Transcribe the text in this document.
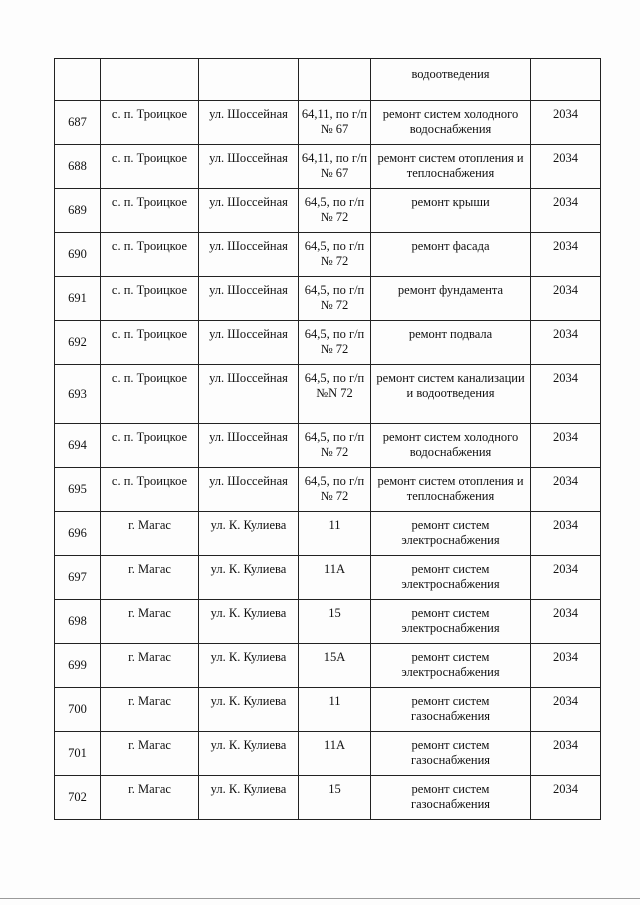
				водоотведения	
687	с. п. Троицкое	ул. Шоссейная	64,11, по г/п № 67	ремонт систем холодного водоснабжения	2034
688	с. п. Троицкое	ул. Шоссейная	64,11, по г/п № 67	ремонт систем отопления и теплоснабжения	2034
689	с. п. Троицкое	ул. Шоссейная	64,5, по г/п № 72	ремонт крыши	2034
690	с. п. Троицкое	ул. Шоссейная	64,5, по г/п № 72	ремонт фасада	2034
691	с. п. Троицкое	ул. Шоссейная	64,5, по г/п № 72	ремонт фундамента	2034
692	с. п. Троицкое	ул. Шоссейная	64,5, по г/п № 72	ремонт подвала	2034
693	с. п. Троицкое	ул. Шоссейная	64,5, по г/п №N 72	ремонт систем канализации и водоотведения	2034
694	с. п. Троицкое	ул. Шоссейная	64,5, по г/п № 72	ремонт систем холодного водоснабжения	2034
695	с. п. Троицкое	ул. Шоссейная	64,5, по г/п № 72	ремонт систем отопления и теплоснабжения	2034
696	г. Магас	ул. К. Кулиева	11	ремонт систем электроснабжения	2034
697	г. Магас	ул. К. Кулиева	11А	ремонт систем электроснабжения	2034
698	г. Магас	ул. К. Кулиева	15	ремонт систем электроснабжения	2034
699	г. Магас	ул. К. Кулиева	15А	ремонт систем электроснабжения	2034
700	г. Магас	ул. К. Кулиева	11	ремонт систем газоснабжения	2034
701	г. Магас	ул. К. Кулиева	11А	ремонт систем газоснабжения	2034
702	г. Магас	ул. К. Кулиева	15	ремонт систем газоснабжения	2034
